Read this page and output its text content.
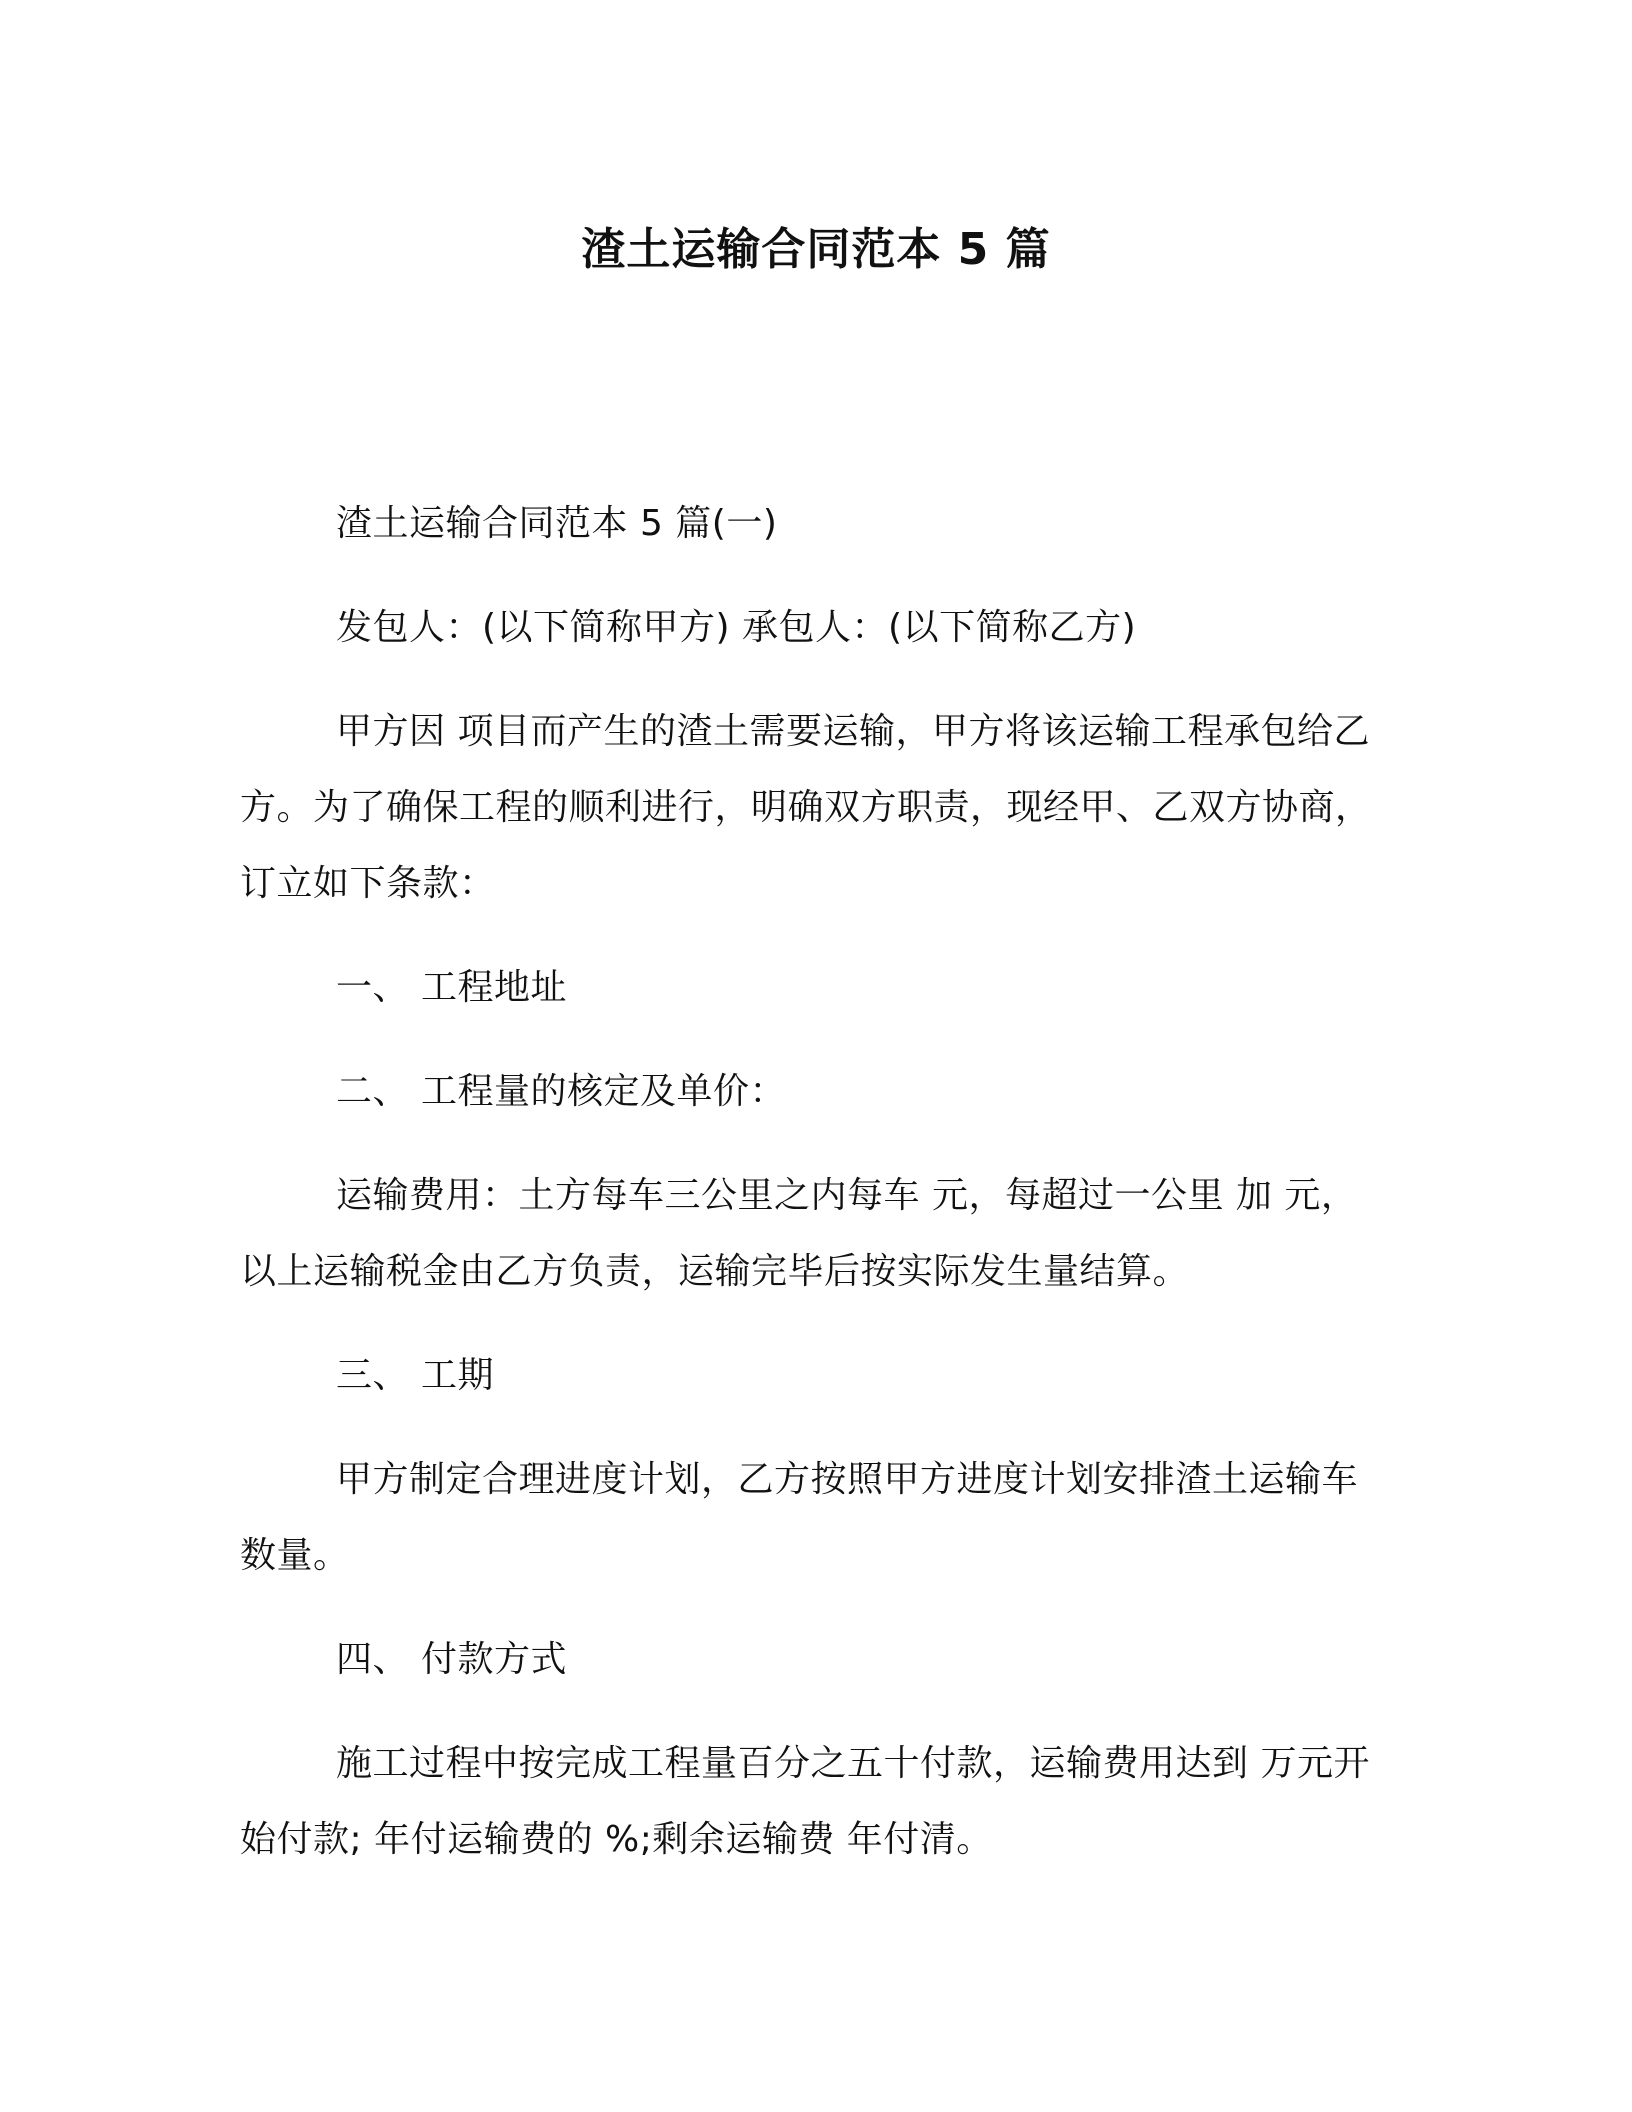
渣土运输合同范本 5 篇

渣土运输合同范本 5 篇(一)

发包人：(以下简称甲方) 承包人：(以下简称乙方)

甲方因 项目而产生的渣土需要运输，甲方将该运输工程承包给乙方。为了确保工程的顺利进行，明确双方职责，现经甲、乙双方协商，订立如下条款：

一、 工程地址

二、 工程量的核定及单价：

运输费用：土方每车三公里之内每车 元，每超过一公里 加 元，以上运输税金由乙方负责，运输完毕后按实际发生量结算。

三、 工期

甲方制定合理进度计划，乙方按照甲方进度计划安排渣土运输车数量。

四、 付款方式

施工过程中按完成工程量百分之五十付款，运输费用达到 万元开始付款; 年付运输费的 %;剩余运输费 年付清。
